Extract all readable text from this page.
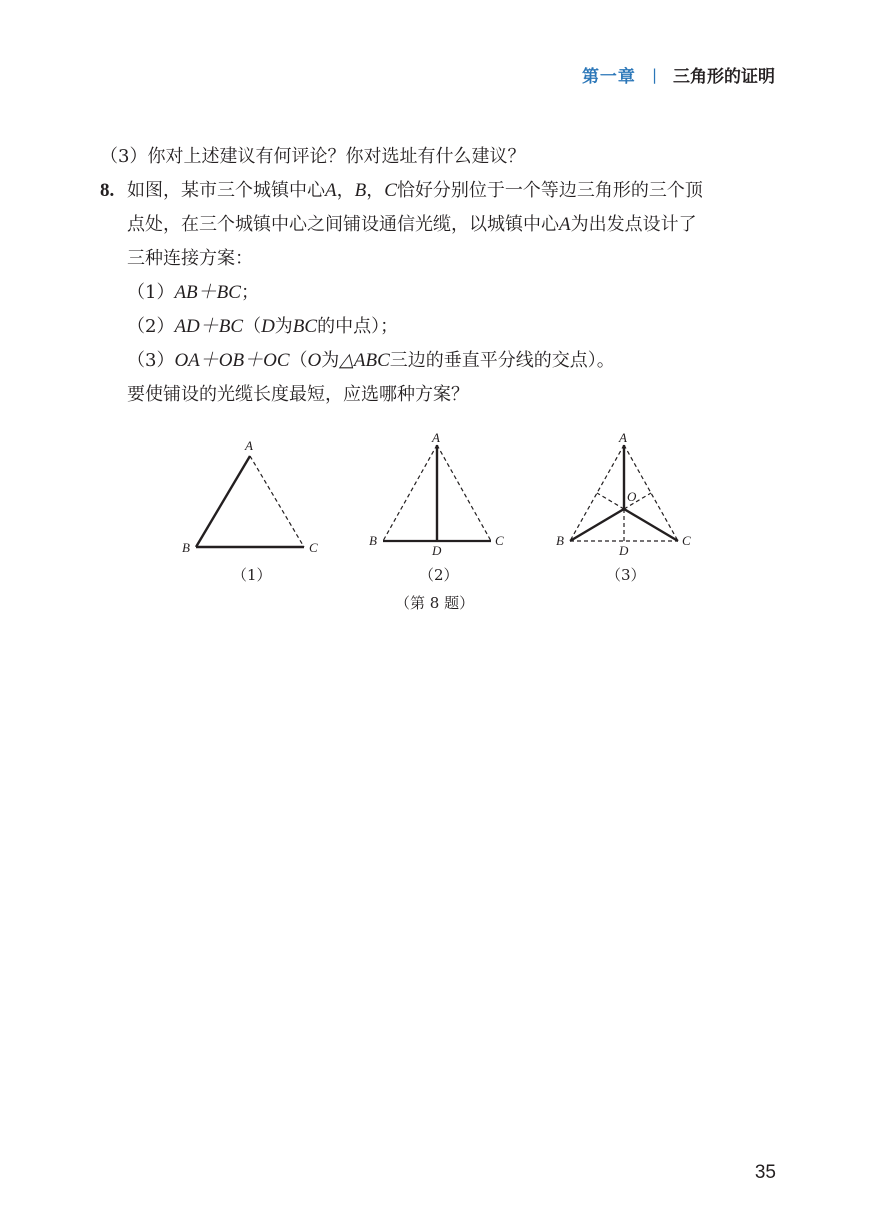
第一章 | 三角形的证明
（3）你对上述建议有何评论？你对选址有什么建议？
8. 如图，某市三个城镇中心A，B，C恰好分别位于一个等边三角形的三个顶
点处，在三个城镇中心之间铺设通信光缆，以城镇中心A为出发点设计了
三种连接方案：
（1）AB＋BC；
（2）AD＋BC（D为BC的中点）；
（3）OA＋OB＋OC（O为△ABC三边的垂直平分线的交点）。
要使铺设的光缆长度最短，应选哪种方案？
A
B	C
（1）
A
B	C
D
（2）
A
B	C
D
O
（3）
（第 8 题）
35
